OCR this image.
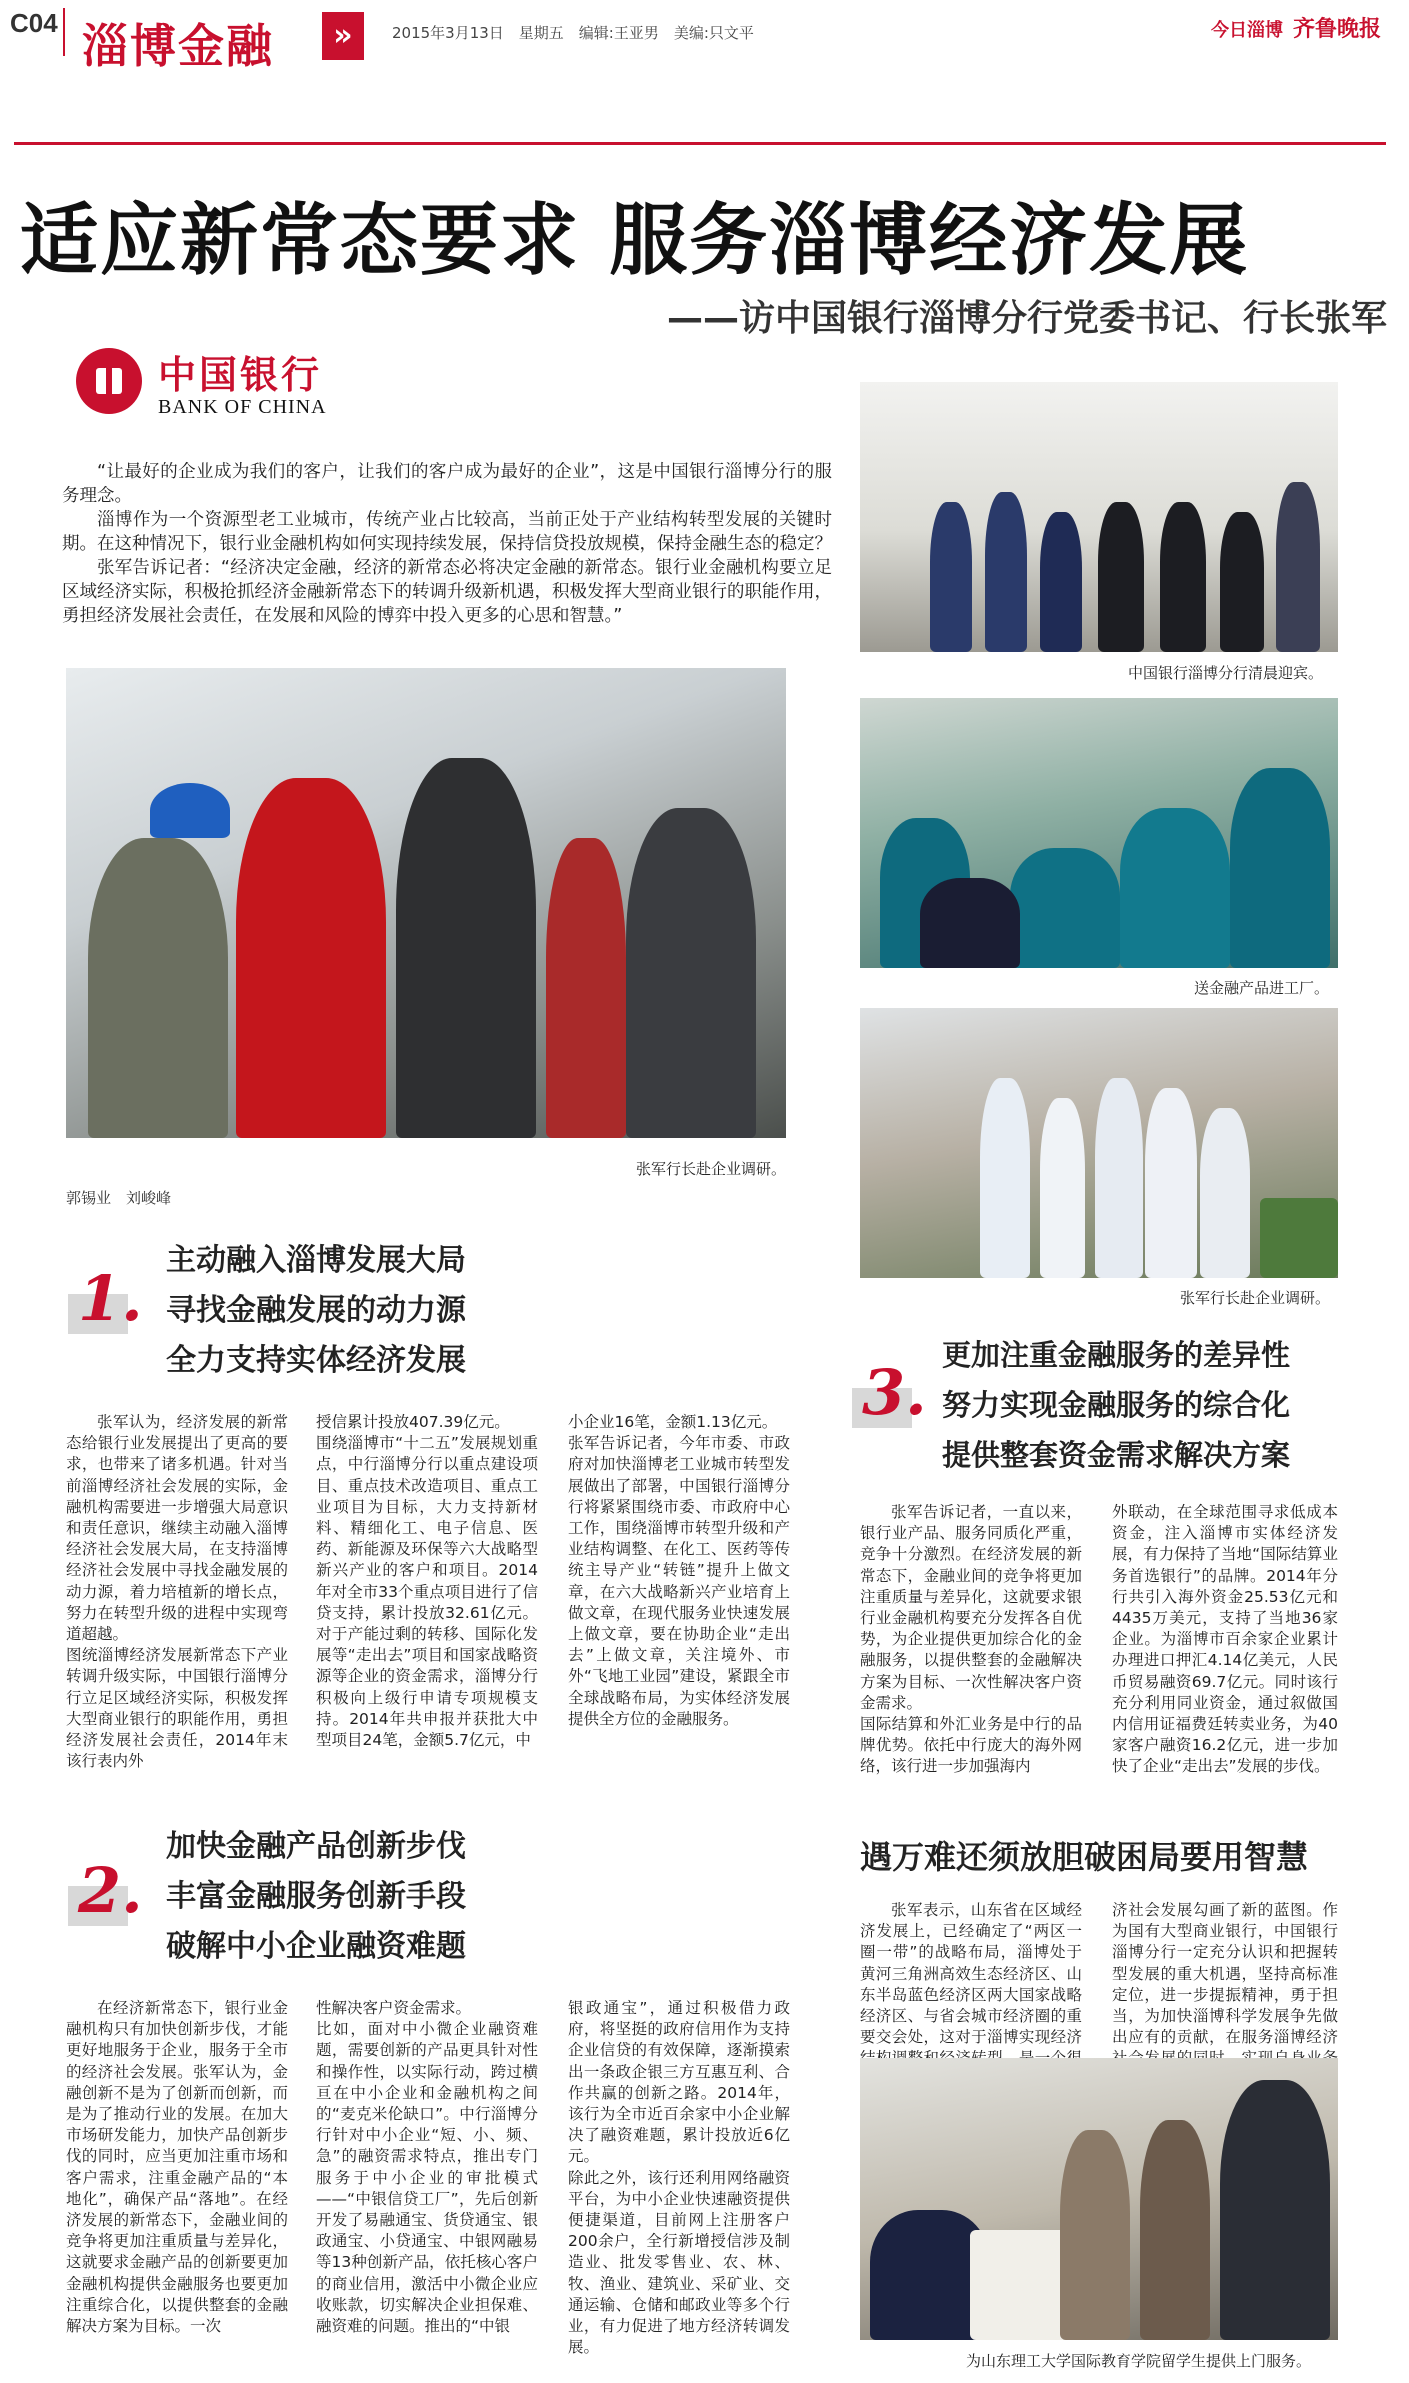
C04 淄博金融	»	2015年3月13日　星期五　编辑:王亚男　美编:只文平	今日淄博 齐鲁晚报
适应新常态要求 服务淄博经济发展
——访中国银行淄博分行党委书记、行长张军
中国银行
BANK OF CHINA

“让最好的企业成为我们的客户，让我们的客户成为最好的企业”，这是中国银行淄博分行的服务理念。

淄博作为一个资源型老工业城市，传统产业占比较高，当前正处于产业结构转型发展的关键时期。在这种情况下，银行业金融机构如何实现持续发展，保持信贷投放规模，保持金融生态的稳定？

张军告诉记者：“经济决定金融，经济的新常态必将决定金融的新常态。银行业金融机构要立足区域经济实际，积极抢抓经济金融新常态下的转调升级新机遇，积极发挥大型商业银行的职能作用，勇担经济发展社会责任，在发展和风险的博弈中投入更多的心思和智慧。”

张军行长赴企业调研。
郭锡业　刘峻峰
中国银行淄博分行清晨迎宾。
送金融产品进工厂。
张军行长赴企业调研。
1.
主动融入淄博发展大局
寻找金融发展的动力源
全力支持实体经济发展
张军认为，经济发展的新常态给银行业发展提出了更高的要求，也带来了诸多机遇。针对当前淄博经济社会发展的实际，金融机构需要进一步增强大局意识和责任意识，继续主动融入淄博经济社会发展大局，在支持淄博经济社会发展中寻找金融发展的动力源，着力培植新的增长点，努力在转型升级的进程中实现弯道超越。
图统淄博经济发展新常态下产业转调升级实际，中国银行淄博分行立足区域经济实际，积极发挥大型商业银行的职能作用，勇担经济发展社会责任，2014年末该行表内外
授信累计投放407.39亿元。
围绕淄博市“十二五”发展规划重点，中行淄博分行以重点建设项目、重点技术改造项目、重点工业项目为目标，大力支持新材料、精细化工、电子信息、医药、新能源及环保等六大战略型新兴产业的客户和项目。2014年对全市33个重点项目进行了信贷支持，累计投放32.61亿元。对于产能过剩的转移、国际化发展等“走出去”项目和国家战略资源等企业的资金需求，淄博分行积极向上级行申请专项规模支持。2014年共申报并获批大中型项目24笔，金额5.7亿元，中
小企业16笔，金额1.13亿元。
张军告诉记者，今年市委、市政府对加快淄博老工业城市转型发展做出了部署，中国银行淄博分行将紧紧围绕市委、市政府中心工作，围绕淄博市转型升级和产业结构调整、在化工、医药等传统主导产业“转链”提升上做文章，在六大战略新兴产业培育上做文章，在现代服务业快速发展上做文章，要在协助企业“走出去”上做文章，关注境外、市外“飞地工业园”建设，紧跟全市全球战略布局，为实体经济发展提供全方位的金融服务。
2.
加快金融产品创新步伐
丰富金融服务创新手段
破解中小企业融资难题
在经济新常态下，银行业金融机构只有加快创新步伐，才能更好地服务于企业，服务于全市的经济社会发展。张军认为，金融创新不是为了创新而创新，而是为了推动行业的发展。在加大市场研发能力，加快产品创新步伐的同时，应当更加注重市场和客户需求，注重金融产品的“本地化”，确保产品“落地”。在经济发展的新常态下，金融业间的竞争将更加注重质量与差异化，这就要求金融产品的创新要更加金融机构提供金融服务也要更加注重综合化，以提供整套的金融解决方案为目标。一次
性解决客户资金需求。
比如，面对中小微企业融资难题，需要创新的产品更具针对性和操作性，以实际行动，跨过横亘在中小企业和金融机构之间的“麦克米伦缺口”。中行淄博分行针对中小企业“短、小、频、急”的融资需求特点，推出专门服务于中小企业的审批模式——“中银信贷工厂”，先后创新开发了易融通宝、货贷通宝、银政通宝、小贷通宝、中银网融易等13种创新产品，依托核心客户的商业信用，激活中小微企业应收账款，切实解决企业担保难、融资难的问题。推出的“中银
银政通宝”，通过积极借力政府，将坚挺的政府信用作为支持企业信贷的有效保障，逐渐摸索出一条政企银三方互惠互利、合作共赢的创新之路。2014年，该行为全市近百余家中小企业解决了融资难题，累计投放近6亿元。
除此之外，该行还利用网络融资平台，为中小企业快速融资提供便捷渠道，目前网上注册客户200余户，全行新增授信涉及制造业、批发零售业、农、林、牧、渔业、建筑业、采矿业、交通运输、仓储和邮政业等多个行业，有力促进了地方经济转调发展。
3.
更加注重金融服务的差异性
努力实现金融服务的综合化
提供整套资金需求解决方案
张军告诉记者，一直以来，银行业产品、服务同质化严重，竞争十分激烈。在经济发展的新常态下，金融业间的竞争将更加注重质量与差异化，这就要求银行业金融机构要充分发挥各自优势，为企业提供更加综合化的金融服务，以提供整套的金融解决方案为目标、一次性解决客户资金需求。
国际结算和外汇业务是中行的品牌优势。依托中行庞大的海外网络，该行进一步加强海内
外联动，在全球范围寻求低成本资金，注入淄博市实体经济发展，有力保持了当地“国际结算业务首选银行”的品牌。2014年分行共引入海外资金25.53亿元和4435万美元，支持了当地36家企业。为淄博市百余家企业累计办理进口押汇4.14亿美元，人民币贸易融资69.7亿元。同时该行充分利用同业资金，通过叙做国内信用证福费廷转卖业务，为40家客户融资16.2亿元，进一步加快了企业“走出去”发展的步伐。
遇万难还须放胆破困局要用智慧
张军表示，山东省在区域经济发展上，已经确定了“两区一圈一带”的战略布局，淄博处于黄河三角洲高效生态经济区、山东半岛蓝色经济区两大国家战略经济区、与省会城市经济圈的重要交会处，这对于淄博实现经济
济社会发展勾画了新的蓝图。作为国有大型商业银行，中国银行淄博分行一定充分认识和把握转型发展的重大机遇，坚持高标准定位，进一步提振精神，勇于担当，为加快淄博科学发展争先做出应有的贡献，在服务淄博经济
为山东理工大学国际教育学院留学生提供上门服务。
